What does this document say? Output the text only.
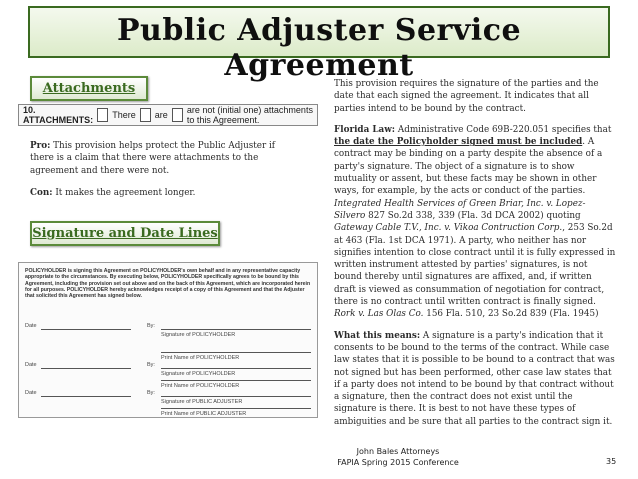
Public Adjuster Service Agreement
Attachments
10. ATTACHMENTS: There are are not (initial one) attachments to this Agreement.
Pro: This provision helps protect the Public Adjuster if there is a claim that there were attachments to the agreement and there were not.
Con: It makes the agreement longer.
Signature and Date Lines
POLICYHOLDER is signing this Agreement on POLICYHOLDER's own behalf and in any representative capacity appropriate to the circumstances. By executing below, POLICYHOLDER specifically agrees to be bound by this Agreement, including the provision set out above and on the back of this Agreement, which are incorporated herein for all purposes. POLICYHOLDER hereby acknowledges receipt of a copy of this Agreement and that the Adjuster that solicited this Agreement has signed below.
Date	By:
Signature of POLICYHOLDER
Print Name of POLICYHOLDER
Date	By:
Signature of POLICYHOLDER
Print Name of POLICYHOLDER
Date	By:
Signature of PUBLIC ADJUSTER
Print Name of PUBLIC ADJUSTER

This provision requires the signature of the parties and the date that each signed the agreement. It indicates that all parties intend to be bound by the contract.

Florida Law: Administrative Code 69B-220.051 specifies that the date the Policyholder signed must be included. A contract may be binding on a party despite the absence of a party's signature. The object of a signature is to show mutuality or assent, but these facts may be shown in other ways, for example, by the acts or conduct of the parties. Integrated Health Services of Green Briar, Inc. v. Lopez-Silvero 827 So.2d 338, 339 (Fla. 3d DCA 2002) quoting Gateway Cable T.V., Inc. v. Vikoa Contruction Corp., 253 So.2d at 463 (Fla. 1st DCA 1971). A party, who neither has nor signifies intention to close contract until it is fully expressed in written instrument attested by parties' signatures, is not bound thereby until signatures are affixed, and, if written draft is viewed as consummation of negotiation for contract, there is no contract until written contract is finally signed. Rork v. Las Olas Co. 156 Fla. 510, 23 So.2d 839 (Fla. 1945)

What this means: A signature is a party's indication that it consents to be bound to the terms of the contract. While case law states that it is possible to be bound to a contract that was not signed but has been performed, other case law states that if a party does not intend to be bound by that contract without a signature, then the contract does not exist until the signature is there. It is best to not have these types of ambiguities and be sure that all parties to the contract sign it.

John Bales Attorneys
FAPIA Spring 2015 Conference	35
